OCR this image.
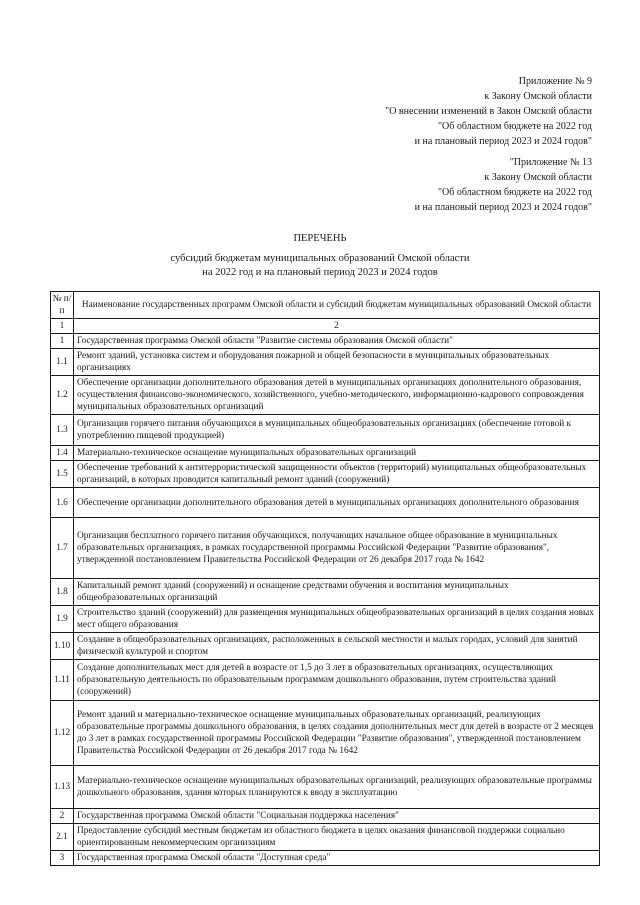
Приложение № 9
к Закону Омской области
"О внесении изменений в Закон Омской области
"Об областном бюджете на 2022 год
и на плановый период 2023 и 2024 годов"
"Приложение № 13
к Закону Омской области
"Об областном бюджете на 2022 год
и на плановый период 2023 и 2024 годов"
ПЕРЕЧЕНЬ
субсидий бюджетам муниципальных образований Омской области
на 2022 год и на плановый период 2023 и 2024 годов
№ п/п	Наименование государственных программ Омской области и субсидий бюджетам муниципальных образований Омской области
1	2
1	Государственная программа Омской области "Развитие системы образования Омской области"
1.1	Ремонт зданий, установка систем и оборудования пожарной и общей безопасности в муниципальных образовательных организациях
1.2	Обеспечение организации дополнительного образования детей в муниципальных организациях дополнительного образования, осуществления финансово-экономического, хозяйственного, учебно-методического, информационно-кадрового сопровождения муниципальных образовательных организаций
1.3	Организация горячего питания обучающихся в муниципальных общеобразовательных организациях (обеспечение готовой к употреблению пищевой продукцией)
1.4	Материально-техническое оснащение муниципальных образовательных организаций
1.5	Обеспечение требований к антитеррористической защищенности объектов (территорий) муниципальных общеобразовательных организаций, в которых проводится капитальный ремонт зданий (сооружений)
1.6	Обеспечение организации дополнительного образования детей в муниципальных организациях дополнительного образования
1.7	Организация бесплатного горячего питания обучающихся, получающих начальное общее образование в муниципальных образовательных организациях, в рамках государственной программы Российской Федерации "Развитие образования", утвержденной постановлением Правительства Российской Федерации от 26 декабря 2017 года № 1642
1.8	Капитальный ремонт зданий (сооружений) и оснащение средствами обучения и воспитания муниципальных общеобразовательных организаций
1.9	Строительство зданий (сооружений) для размещения муниципальных общеобразовательных организаций в целях создания новых мест общего образования
1.10	Создание в общеобразовательных организациях, расположенных в сельской местности и малых городах, условий для занятий физической культурой и спортом
1.11	Создание дополнительных мест для детей в возрасте от 1,5 до 3 лет в образовательных организациях, осуществляющих образовательную деятельность по образовательным программам дошкольного образования, путем строительства зданий (сооружений)
1.12	Ремонт зданий и материально-техническое оснащение муниципальных образовательных организаций, реализующих образовательные программы дошкольного образования, в целях создания дополнительных мест для детей в возрасте от 2 месяцев до 3 лет в рамках государственной программы Российской Федерации "Развитие образования", утвержденной постановлением Правительства Российской Федерации от 26 декабря 2017 года № 1642
1.13	Материально-техническое оснащение муниципальных образовательных организаций, реализующих образовательные программы дошкольного образования, здания которых планируются к вводу в эксплуатацию
2	Государственная программа Омской области "Социальная поддержка населения"
2.1	Предоставление субсидий местным бюджетам из областного бюджета в целях оказания финансовой поддержки социально ориентированным некоммерческим организациям
3	Государственная программа Омской области "Доступная среда"
